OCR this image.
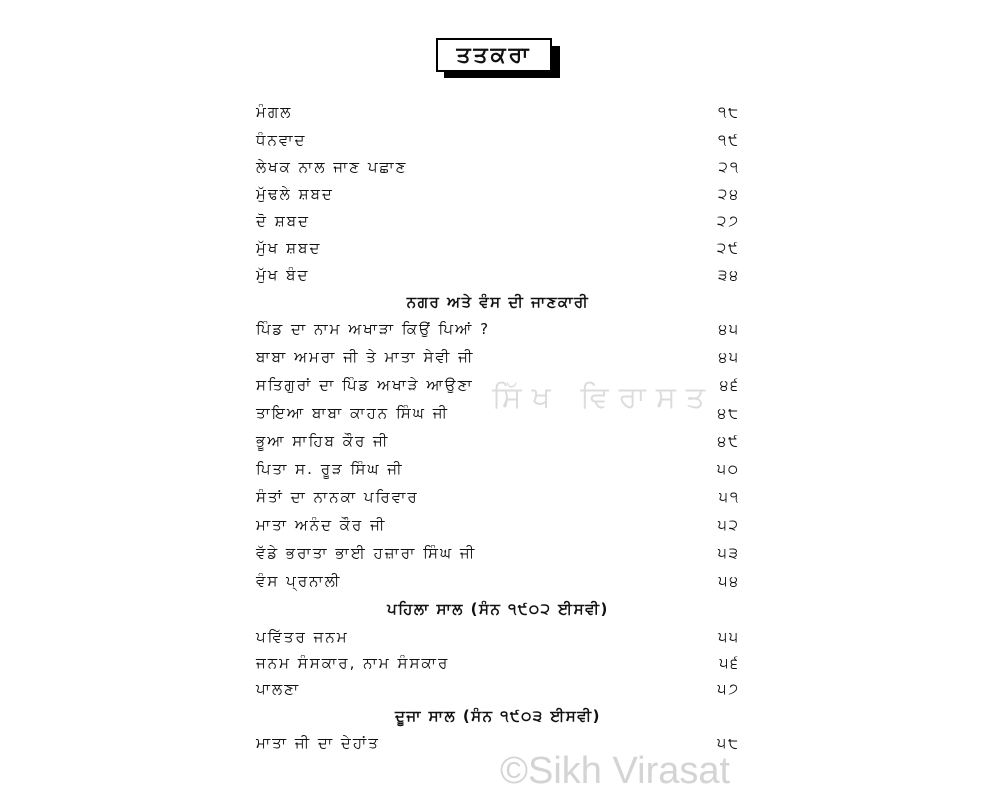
ਤਤਕਰਾ
ਸਿੱਖ ਵਿਰਾਸਤ
ਮੰਗਲ	੧੮
ਧੰਨਵਾਦ	੧੯
ਲੇਖਕ ਨਾਲ ਜਾਣ ਪਛਾਣ	੨੧
ਮੁੱਢਲੇ ਸ਼ਬਦ	੨੪
ਦੋ ਸ਼ਬਦ	੨੭
ਮੁੱਖ ਸ਼ਬਦ	੨੯
ਮੁੱਖ ਬੰਦ	੩੪
ਨਗਰ ਅਤੇ ਵੰਸ ਦੀ ਜਾਣਕਾਰੀ
ਪਿੰਡ ਦਾ ਨਾਮ ਅਖਾੜਾ ਕਿਉਂ ਪਿਆਂ ?	੪੫
ਬਾਬਾ ਅਮਰਾ ਜੀ ਤੇ ਮਾਤਾ ਸੇਵੀ ਜੀ	੪੫
ਸਤਿਗੁਰਾਂ ਦਾ ਪਿੰਡ ਅਖਾੜੇ ਆਉਣਾ	੪੬
ਤਾਇਆ ਬਾਬਾ ਕਾਹਨ ਸਿੰਘ ਜੀ	੪੮
ਭੂਆ ਸਾਹਿਬ ਕੌਰ ਜੀ	੪੯
ਪਿਤਾ ਸ. ਰੂੜ ਸਿੰਘ ਜੀ	੫੦
ਸੰਤਾਂ ਦਾ ਨਾਨਕਾ ਪਰਿਵਾਰ	੫੧
ਮਾਤਾ ਅਨੰਦ ਕੌਰ ਜੀ	੫੨
ਵੱਡੇ ਭਰਾਤਾ ਭਾਈ ਹਜ਼ਾਰਾ ਸਿੰਘ ਜੀ	੫੩
ਵੰਸ ਪ੍ਰਨਾਲੀ	੫੪
ਪਹਿਲਾ ਸਾਲ (ਸੰਨ ੧੯੦੨ ਈਸਵੀ)
ਪਵਿੱਤਰ ਜਨਮ	੫੫
ਜਨਮ ਸੰਸਕਾਰ, ਨਾਮ ਸੰਸਕਾਰ	੫੬
ਪਾਲਣਾ	੫੭
ਦੂਜਾ ਸਾਲ (ਸੰਨ ੧੯੦੩ ਈਸਵੀ)
ਮਾਤਾ ਜੀ ਦਾ ਦੇਹਾਂਤ	੫੮
©Sikh Virasat
